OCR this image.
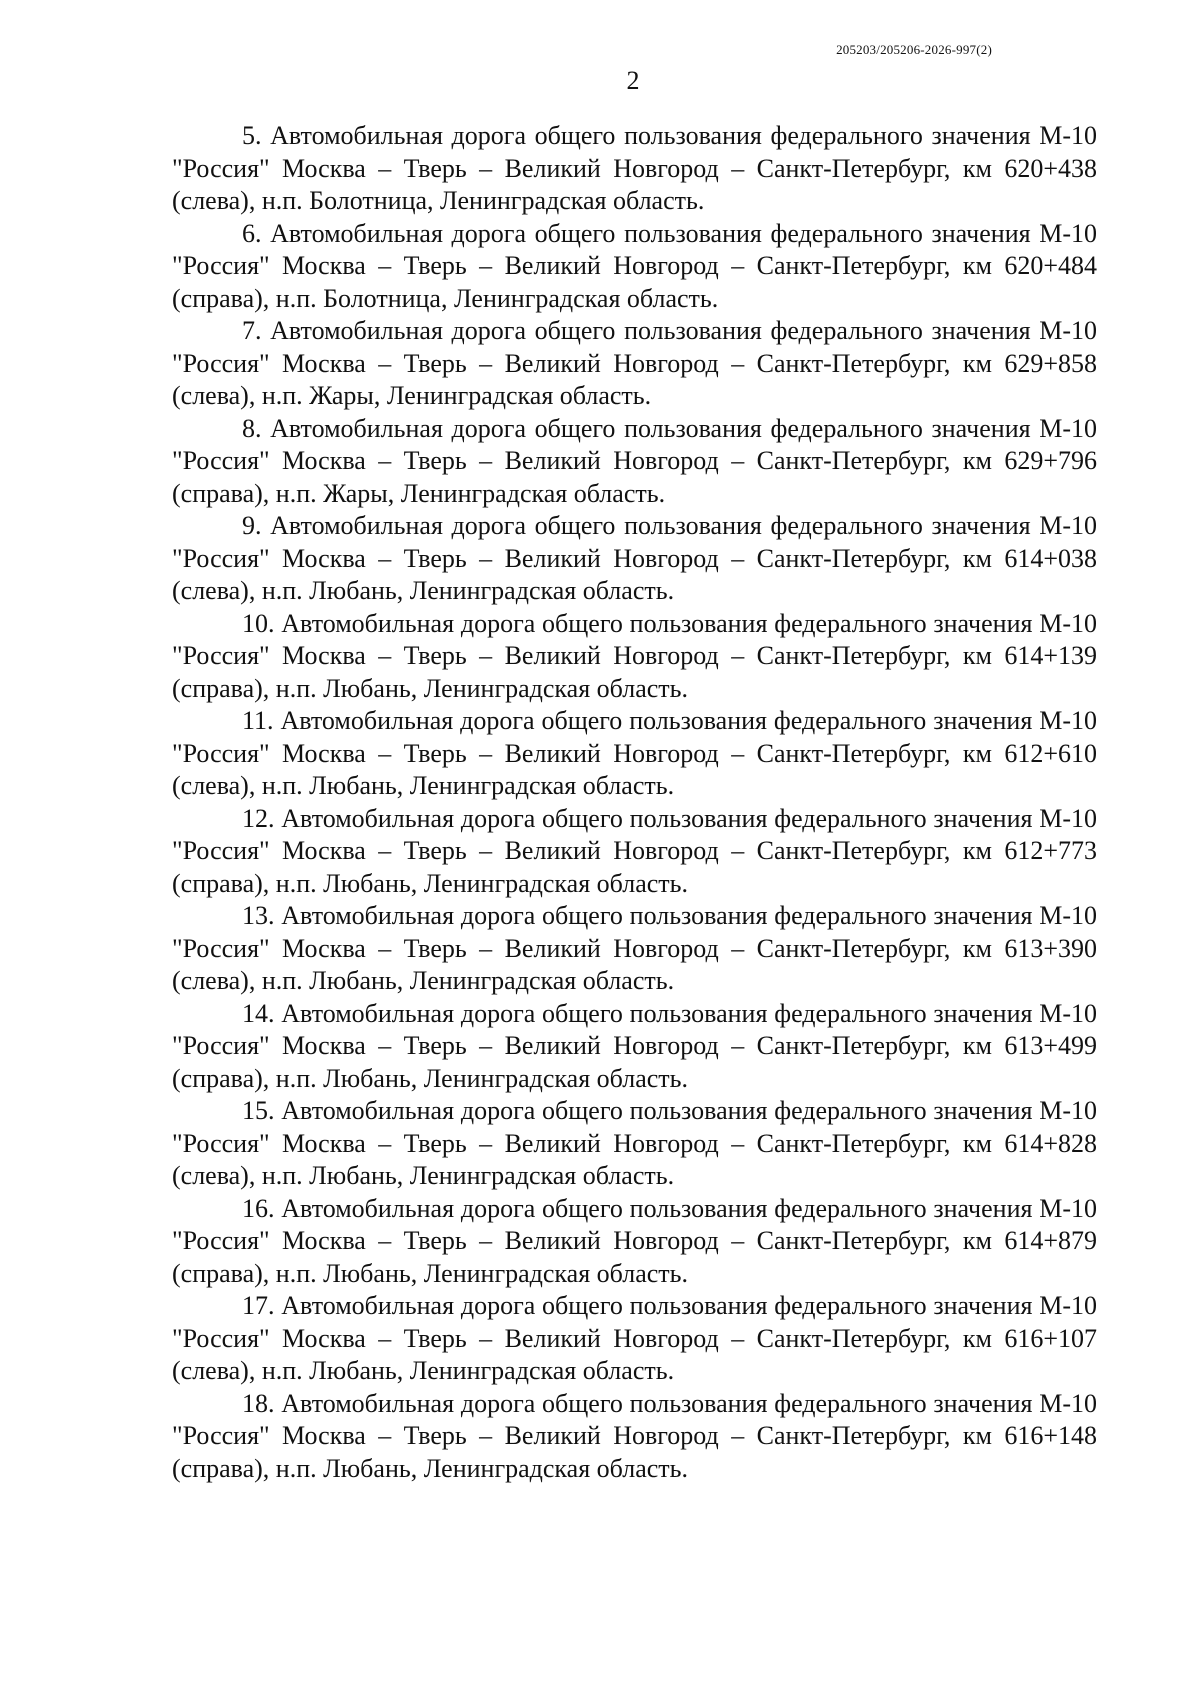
205203/205206-2026-997(2)
2

5. Автомобильная дорога общего пользования федерального значения М-10 "Россия" Москва – Тверь – Великий Новгород – Санкт-Петербург, км 620+438 (слева), н.п. Болотница, Ленинградская область.

6. Автомобильная дорога общего пользования федерального значения М-10 "Россия" Москва – Тверь – Великий Новгород – Санкт-Петербург, км 620+484 (справа), н.п. Болотница, Ленинградская область.

7. Автомобильная дорога общего пользования федерального значения М-10 "Россия" Москва – Тверь – Великий Новгород – Санкт-Петербург, км 629+858 (слева), н.п. Жары, Ленинградская область.

8. Автомобильная дорога общего пользования федерального значения М-10 "Россия" Москва – Тверь – Великий Новгород – Санкт-Петербург, км 629+796 (справа), н.п. Жары, Ленинградская область.

9. Автомобильная дорога общего пользования федерального значения М-10 "Россия" Москва – Тверь – Великий Новгород – Санкт-Петербург, км 614+038 (слева), н.п. Любань, Ленинградская область.

10. Автомобильная дорога общего пользования федерального значения М-10 "Россия" Москва – Тверь – Великий Новгород – Санкт-Петербург, км 614+139 (справа), н.п. Любань, Ленинградская область.

11. Автомобильная дорога общего пользования федерального значения М-10 "Россия" Москва – Тверь – Великий Новгород – Санкт-Петербург, км 612+610 (слева), н.п. Любань, Ленинградская область.

12. Автомобильная дорога общего пользования федерального значения М-10 "Россия" Москва – Тверь – Великий Новгород – Санкт-Петербург, км 612+773 (справа), н.п. Любань, Ленинградская область.

13. Автомобильная дорога общего пользования федерального значения М-10 "Россия" Москва – Тверь – Великий Новгород – Санкт-Петербург, км 613+390 (слева), н.п. Любань, Ленинградская область.

14. Автомобильная дорога общего пользования федерального значения М-10 "Россия" Москва – Тверь – Великий Новгород – Санкт-Петербург, км 613+499 (справа), н.п. Любань, Ленинградская область.

15. Автомобильная дорога общего пользования федерального значения М-10 "Россия" Москва – Тверь – Великий Новгород – Санкт-Петербург, км 614+828 (слева), н.п. Любань, Ленинградская область.

16. Автомобильная дорога общего пользования федерального значения М-10 "Россия" Москва – Тверь – Великий Новгород – Санкт-Петербург, км 614+879 (справа), н.п. Любань, Ленинградская область.

17. Автомобильная дорога общего пользования федерального значения М-10 "Россия" Москва – Тверь – Великий Новгород – Санкт-Петербург, км 616+107 (слева), н.п. Любань, Ленинградская область.

18. Автомобильная дорога общего пользования федерального значения М-10 "Россия" Москва – Тверь – Великий Новгород – Санкт-Петербург, км 616+148 (справа), н.п. Любань, Ленинградская область.
